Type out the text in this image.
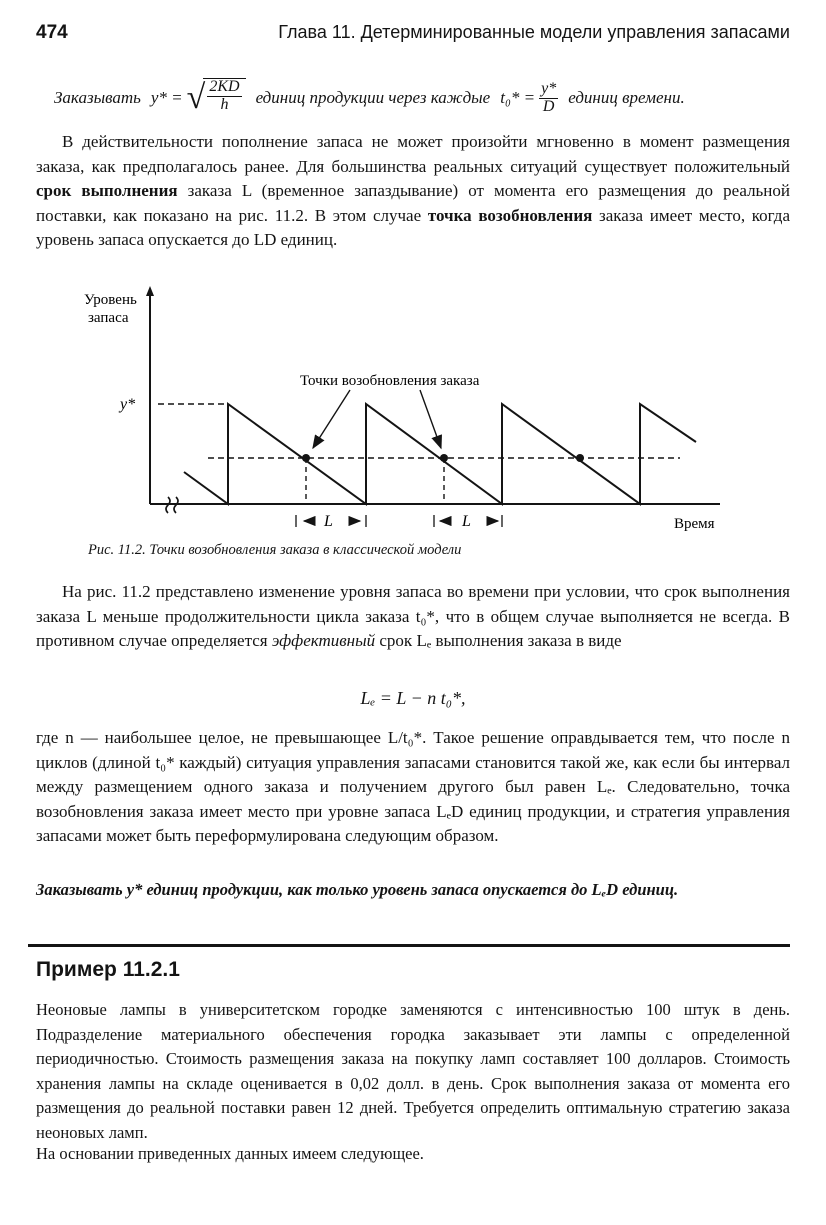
474	Глава 11. Детерминированные модели управления запасами
Заказывать y* = √ $\frac{2KD}{h}$ единиц продукции через каждые $t_0* = \frac{y*}{D}$ единиц времени.
В действительности пополнение запаса не может произойти мгновенно в момент размещения заказа, как предполагалось ранее. Для большинства реальных ситуаций существует положительный срок выполнения заказа L (временное запаздывание) от момента его размещения до реальной поставки, как показано на рис. 11.2. В этом случае точка возобновления заказа имеет место, когда уровень запаса опускается до LD единиц.
Уровень
запаса
y*
Точки возобновления заказа
L	L	Время
Рис. 11.2. Точки возобновления заказа в классической модели
На рис. 11.2 представлено изменение уровня запаса во времени при условии, что срок выполнения заказа L меньше продолжительности цикла заказа t₀*, что в общем случае выполняется не всегда. В противном случае определяется эффективный срок Lₑ выполнения заказа в виде
Lₑ = L − n t₀*,
где n — наибольшее целое, не превышающее L/t₀*. Такое решение оправдывается тем, что после n циклов (длиной t₀* каждый) ситуация управления запасами становится такой же, как если бы интервал между размещением одного заказа и получением другого был равен Lₑ. Следовательно, точка возобновления заказа имеет место при уровне запаса LₑD единиц продукции, и стратегия управления запасами может быть переформулирована следующим образом.
Заказывать y* единиц продукции, как только уровень запаса опускается до LₑD единиц.
Пример 11.2.1
Неоновые лампы в университетском городке заменяются с интенсивностью 100 штук в день. Подразделение материального обеспечения городка заказывает эти лампы с определенной периодичностью. Стоимость размещения заказа на покупку ламп составляет 100 долларов. Стоимость хранения лампы на складе оценивается в 0,02 долл. в день. Срок выполнения заказа от момента его размещения до реальной поставки равен 12 дней. Требуется определить оптимальную стратегию заказа неоновых ламп.
На основании приведенных данных имеем следующее.
